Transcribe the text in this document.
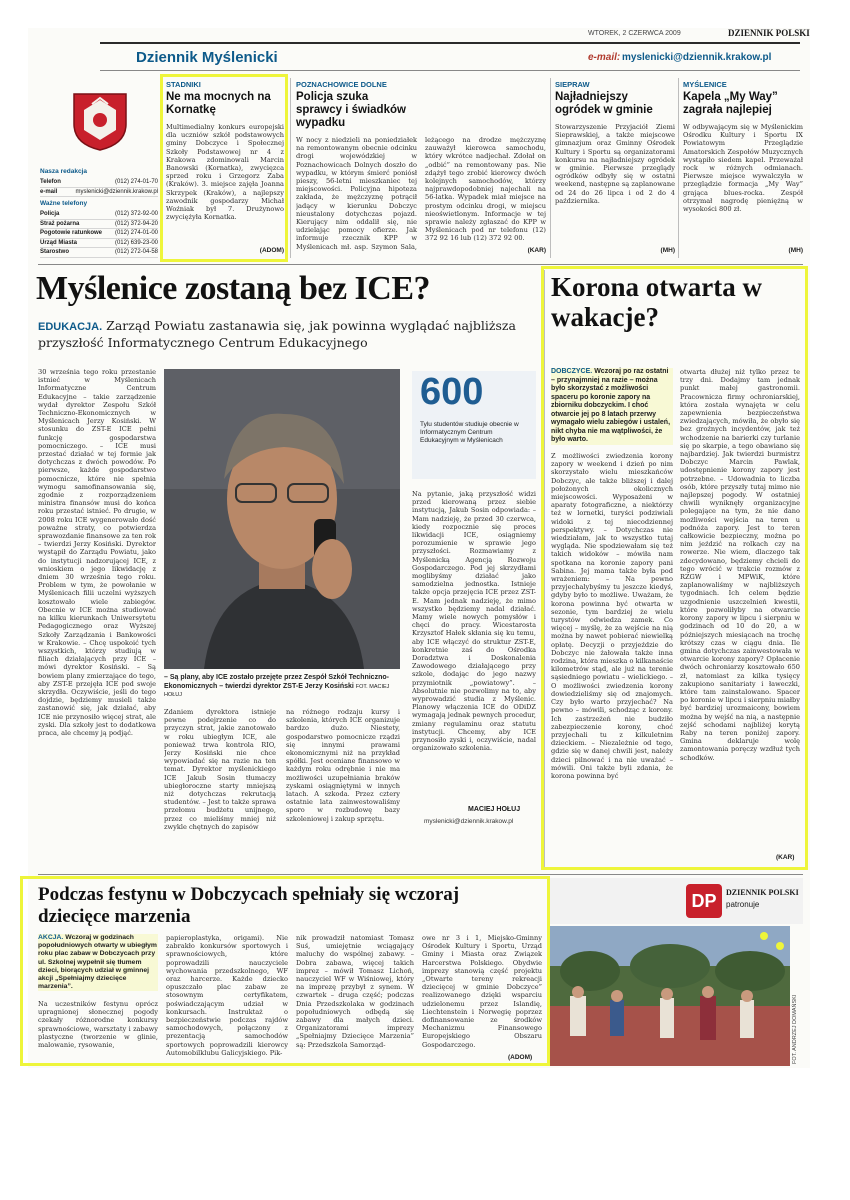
WTOREK, 2 CZERWCA 2009	DZIENNIK POLSKI
Dziennik Myślenicki	e-mail: myslenicki@dziennik.krakow.pl
Nasza redakcja
Telefon	(012) 274-01-70
e-mail	myslenicki@dziennik.krakow.pl
Ważne telefony
Policja	(012) 372-92-00
Straż pożarna	(012) 372-94-20
Pogotowie ratunkowe (012) 274-01-00
Urząd Miasta	(012) 639-23-00
Starostwo	(012) 272-04-58
STADNIKI
Ne ma mocnych na Kornatkę
Multimedialny konkurs europejski dla uczniów szkół podstawowych gminy Dobczyce i Społecznej Szkoły Podstawowej nr 4 z Krakowa zdominowali Marcin Banowski (Kornatka), zwycięzca sprzed roku i Grzegorz Zaba (Kraków). 3. miejsce zajęła Joanna Skrzypek (Kraków), a najlepszy zawodnik gospodarzy Michał Woźniak był 7. Drużynowo zwyciężyła Kornatka.
(ADOM)
POZNACHOWICE DOLNE
Policja szuka sprawcy i świadków wypadku
W nocy z niedzieli na poniedziałek na remontowanym obecnie odcinku drogi wojewódzkiej w Poznachowicach Dolnych doszło do wypadku, w którym śmierć poniósł pieszy, 56-letni mieszkaniec tej miejscowości. Policyjna hipoteza zakłada, że mężczyznę potrącił jadący w kierunku Dobczyc nieustalony dotychczas pojazd. Kierujący nim oddalił się, nie udzielając pomocy ofierze. Jak informuje rzecznik KPP w Myślenicach mł. asp. Szymon Sala, leżącego na drodze mężczyznę zauważył kierowca samochodu, który wkrótce nadjechał. Zdołał on „odbić” na remontowany pas. Nie zdążył tego zrobić kierowcy dwóch kolejnych samochodów, którzy najprawdopodobniej najechali na 56-latka. Wypadek miał miejsce na prostym odcinku drogi, w miejscu nieoświetlonym. Informacje w tej sprawie należy zgłaszać do KPP w Myślenicach pod nr telefonu (12) 372 92 16 lub (12) 372 92 00.
(KAR)
SIEPRAW
Najładniejszy ogródek w gminie
Stowarzyszenie Przyjaciół Ziemi Sieprawskiej, a także miejscowe gimnazjum oraz Gminny Ośrodek Kultury i Sportu są organizatorami konkursu na najładniejszy ogródek w gminie. Pierwsze przeglądy ogródków odbyły się w ostatni weekend, następne są zaplanowane od 24 do 26 lipca i od 2 do 4 października.
(MH)
MYŚLENICE
Kapela „My Way” zagrała najlepiej
W odbywającym się w Myślenickim Ośrodku Kultury i Sportu IX Powiatowym Przeglądzie Amatorskich Zespołów Muzycznych wystąpiło siedem kapel. Przeważał rock w różnych odmianach. Pierwsze miejsce wywalczyła w przeglądzie formacja „My Way” grająca blues-rocka. Zespół otrzymał nagrodę pieniężną w wysokości 800 zł.
(MH)
Myślenice zostaną bez ICE?
EDUKACJA. Zarząd Powiatu zastanawia się, jak powinna wyglądać najbliższa przyszłość Informatycznego Centrum Edukacyjnego
30 września tego roku przestanie istnieć w Myślenicach Informatyczne Centrum Edukacyjne – takie zarządzenie wydał dyrektor Zespołu Szkół Techniczno-Ekonomicznych w Myślenicach Jerzy Kosiński. W stosunku do ZST-E ICE pełni funkcję gospodarstwa pomocniczego. – ICE musi przestać działać w tej formie jak dotychczas z dwóch powodów. Po pierwsze, każde gospodarstwo pomocnicze, które nie spełnia wymogu samofinansowania się, zgodnie z rozporządzeniem ministra finansów musi do końca roku przestać istnieć. Po drugie, w 2008 roku ICE wygenerowało dość poważne straty, co potwierdza sprawozdanie finansowe za ten rok – twierdzi Jerzy Kosiński. Dyrektor wystąpił do Zarządu Powiatu, jako do instytucji nadzorującej ICE, z wnioskiem o jego likwidację z dniem 30 września tego roku. Problem w tym, że powołanie w Myślenicach filii uczelni wyższych kosztowało wiele zabiegów. Obecnie w ICE można studiować na kilku kierunkach Uniwersytetu Pedagogicznego oraz Wyższej Szkoły Zarządzania i Bankowości w Krakowie. – Chcę uspokoić tych wszystkich, którzy studiują w filiach działających przy ICE – mówi dyrektor Kosiński. – Są bowiem plany zmierzające do tego, aby ZST-E przejęła ICE pod swoje skrzydła. Oczywiście, jeśli do tego dojdzie, będziemy musieli także zastanowić się, jak działać, aby ICE nie przynosiło więcej strat, ale zyski. Dla szkoły jest to dodatkowa praca, ale chcemy ją podjąć.
– Są plany, aby ICE zostało przejęte przez Zespół Szkół Techniczno-Ekonomicznych – twierdzi dyrektor ZST-E Jerzy Kosiński FOT. MACIEJ HOŁUJ
600
Tylu studentów studiuje obecnie w Informatycznym Centrum Edukacyjnym w Myślenicach
Na pytanie, jaką przyszłość widzi przed kierowaną przez siebie instytucją, Jakub Sosin odpowiada: – Mam nadzieję, że przed 30 czerwca, kiedy rozpocznie się proces likwidacji ICE, osiągniemy porozumienie w sprawie jego przyszłości. Rozmawiamy z Myślenicką Agencją Rozwoju Gospodarczego. Pod jej skrzydłami moglibyśmy działać jako samodzielna jednostka. Istnieje także opcja przejęcia ICE przez ZST-E. Mam jednak nadzieję, że mimo wszystko będziemy nadal działać. Mamy wiele nowych pomysłów i chęci do pracy. Wicestarosta Krzysztof Hałek skłania się ku temu, aby ICE włączyć do struktur ZST-E, konkretnie zaś do Ośrodka Doradztwa i Doskonalenia Zawodowego działającego przy szkole, dodając do jego nazwy przymiotnik „powiatowy”. – Absolutnie nie pozwolimy na to, aby wyprowadzić studia z Myślenic. Planowy włączenia ICE do ODiDZ wymagają jednak pewnych procedur, zmiany regulaminu oraz statutu instytucji. Chcemy, aby ICE przynosiło zyski i, oczywiście, nadal organizowało szkolenia.
Zdaniem dyrektora istnieje pewne podejrzenie co do przyczyn strat, jakie zanotowało w roku ubiegłym ICE, ale ponieważ trwa kontrola RIO, Jerzy Kosiński nie chce wypowiadać się na razie na ten temat. Dyrektor myślenickiego ICE Jakub Sosin tłumaczy ubiegłoroczne starty mniejszą niż dotychczas rekrutacją studentów. – Jest to także sprawa przełomu budżetu unijnego, przez co mieliśmy mniej niż zwykle chętnych do zapisów
na różnego rodzaju kursy i szkolenia, których ICE organizuje bardzo dużo. Niestety, gospodarstwo pomocnicze rządzi się innymi prawami ekonomicznymi niż na przykład spółki. Jest oceniane finansowo w każdym roku odrębnie i nie ma możliwości uzupełniania braków zyskami osiągniętymi w innych latach. A szkoda. Przez cztery ostatnie lata zainwestowaliśmy sporo w rozbudowę bazy szkoleniowej i zakup sprzętu.
MACIEJ HOŁUJ
myslenicki@dziennik.krakow.pl
Korona otwarta w wakacje?
DOBCZYCE. Wczoraj po raz ostatni – przynajmniej na razie – można było skorzystać z możliwości spaceru po koronie zapory na zbiorniku dobczyckim. I choć otwarcie jej po 8 latach przerwy wymagało wielu zabiegów i ustaleń, nikt chyba nie ma wątpliwości, że było warto.
Z możliwości zwiedzenia korony zapory w weekend i dzień po nim skorzystało wielu mieszkańców Dobczyc, ale także bliższej i dalej położonych okolicznych miejscowości. Wyposażeni w aparaty fotograficzne, a niektórzy też w lornetki, turyści podziwiali widoki z tej niecodziennej perspektywy. – Dotychczas nie wiedziałam, jak to wszystko tutaj wygląda. Nie spodziewałam się też takich widoków – mówiła nam spotkana na koronie zapory pani Sabina. Jej mama także była pod wrażeniem: – Na pewno przyjechalybyśmy tu jeszcze kiedyś, gdyby było to możliwe. Uważam, że korona powinna być otwarta w sezonie, tym bardziej że wielu turystów odwiedza zamek. Co więcej – myślę, że za wejście na nią można by nawet pobierać niewielką opłatę. Decyzji o przyjeździe do Dobczyc nie żałowała także inna rodzina, która mieszka o kilkanaście kilometrów stąd, ale już na terenie sąsiedniego powiatu – wielickiego. – O możliwości zwiedzenia korony dowiedzieliśmy się od znajomych. Czy było warto przyjechać? Na pewno – mówili, schodząc z korony. Ich zastrzeżeń nie budziło zabezpieczenie korony, choć przyjechali tu z kilkuletnim dzieckiem. – Niezależnie od tego, gdzie się w danej chwili jest, należy dzieci pilnować i na nie uważać – mówili. Oni także byli zdania, że korona powinna być
otwarta dłużej niż tylko przez te trzy dni. Dodajmy tam jednak punkt małej gastronomii. Pracownicza firmy ochroniarskiej, która została wynajęta w celu zapewnienia bezpieczeństwa zwiedzających, mówiła, że obyło się bez groźnych incydentów, jak też wchodzenie na barierki czy turlanie się po skarpie, a tego obawiano się najbardziej. Jak twierdzi burmistrz Dobczyc Marcin Pawlak, udostępnienie korony zapory jest potrzebne. – Udowadnia to liczba osób, które przyszły tutaj mimo nie najlepszej pogody. W ostatniej chwili wyniknęły organizacyjne polegające na tym, że nie dano możliwości wejścia na teren u podnóża zapory. Jest to teren całkowicie bezpieczny, można po nim jeździć na rolkach czy na rowerze. Nie wiem, dlaczego tak zdecydowano, będziemy chcieli do tego wrócić w trakcie rozmów z RZGW i MPWiK, które zaplanowaliśmy w najbliższych tygodniach. Ich celem będzie uzgodnienie uszczelnień kwestii, które pozwoliłyby na otwarcie korony zapory w lipcu i sierpniu w godzinach od 10 do 20, a w późniejszych miesiącach na trochę krótszy czas w ciągu dnia. Ile gmina dotychczas zainwestowała w otwarcie korony zapory? Opłacenie dwóch ochroniarzy kosztowało 650 zł, natomiast za kilka tysięcy zakupiono sanitariaty i ławeczki, które tam zainstalowano. Spacer po koronie w lipcu i sierpniu miałby być bardziej urozmaicony, bowiem można by wejść na nią, a następnie zejść schodami najbliżej korytą Raby na teren poniżej zapory. Gmina deklaruje wolę zamontowania poręczy wzdłuż tych schodków.
(KAR)
Podczas festynu w Dobczycach spełniały się wczoraj dziecięce marzenia
AKCJA. Wczoraj w godzinach popołudniowych otwarty w ubiegłym roku plac zabaw w Dobczycach przy ul. Szkolnej wypełnił się tłumem dzieci, biorących udział w gminnej akcji „Spełniajmy dziecięce marzenia”.
Na uczestników festynu oprócz upragnionej słonecznej pogody czekały różnorodne konkursy sprawnościowe, warsztaty i zabawy plastyczne (tworzenie w glinie, malowanie, rysowanie,
papieroplastyka, origami). Nie zabrakło konkursów sportowych i sprawnościowych, które poprowadzili nauczyciele wychowania przedszkolnego, WF oraz harcerze. Każde dziecko opuszczało plac zabaw ze stosownym certyfikatem, poświadczającym udział w konkursach. Instruktaż o bezpieczeństwie podczas rajdów samochodowych, połączony z prezentacją samochodów sportowych poprowadzili kierowcy Automobilklubu Galicyjskiego. Pik-
nik prowadził natomiast Tomasz Suś, umiejętnie wciągający maluchy do wspólnej zabawy. – Dobra zabawa, więcej takich imprez – mówił Tomasz Lichoń, nauczyciel WF w Wiśniowej, który na imprezę przybył z synem. W czwartek – druga część; podczas Dnia Przedszkolaka w godzinach popołudniowych odbędą się zabawy dla małych dzieci. Organizatorami imprezy „Spełniajmy Dziecięce Marzenia” są: Przedszkola Samorząd-
owe nr 3 i 1, Miejsko-Gminny Ośrodek Kultury i Sportu, Urząd Gminy i Miasta oraz Związek Harcerstwa Polskiego. Obydwie imprezy stanowią część projektu „Otwarte tereny rekreacji dziecięcej w gminie Dobczyce” realizowanego dzięki wsparciu udzielonemu przez Islandię, Liechtenstein i Norwegię poprzez dofinansowanie ze środków Mechanizmu Finansowego Europejskiego Obszaru Gospodarczego.
(ADOM)
DP	DZIENNIK POLSKI
patronuje
FOT. ANDRZEJ DOMAŃSKI
